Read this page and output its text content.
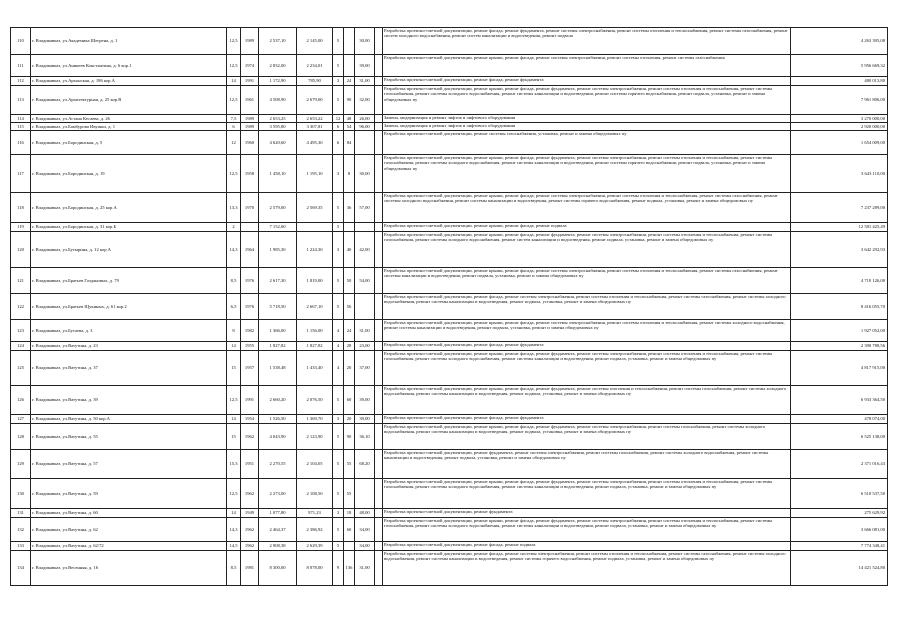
110	г. Владикавказ, ул.Академика Шегрена, д. 1	12,5	1989	2 537,10	2 145,00	5		30,00		Разработка проектно-сметной документации, ремонт фасада, ремонт фундамента, ремонт системы электроснабжения, ремонт системы отопления и теплоснабжения, ремонт системы газоснабжения, ремонт систем холодного водоснабжения, ремонт систем канализации и водоотведения, ремонт подвала	4 263 395,08
111	г. Владикавказ, ул.Аникеев Константина, д. 6 кор.1	12,5	1974	2 832,00	2 234,01	5		39,00		Разработка проектно-сметной документации, ремонт крыши, ремонт фасада, ремонт системы электроснабжения, ремонт системы отопления, ремонт системы газоснабжения	5 956 669,32
112	г. Владикавказ, ул.Архонская, д. 186 кор.А	14	1991	1 172,90	785,90	3	24	31,00		Разработка проектно-сметной документации, ремонт фасада, ремонт фундамента	480 013,80
113	г. Владикавказ, ул.Архитектурная, д. 25 кор.В	12,5	1961	4 508,90	2 679,00	5	90	32,00		Разработка проектно-сметной документации, ремонт крыши, ремонт фасада, ремонт фундамента, ремонт системы электроснабжения, ремонт системы отопления и теплоснабжения, ремонт системы газоснабжения, ремонт системы холодного водоснабжения, ремонт системы канализации и водоотведения, ремонт системы горячего водоснабжения, ремонт подвала, установка, ремонт и замена общедомовых пу	7 961 806,00
114	г. Владикавказ, ул.Астана Кесаева, д. 26	7,5	1989	2 653,25	2 653,22	12	48	26,00		Замена, модернизация и ремонт лифтов и лифтового оборудования	3 270 000,00
115	г. Владикавказ, ул.Бамбурова Ивушки, д. 1	6	1989	3 595,80	3 307,81	6	54	96,00		Замена, модернизация и ремонт лифтов и лифтового оборудования	2 920 000,00
116	г. Владикавказ, ул.Бородинская, д. 5	12	1960	4 620,60	4 495,30	6	84			Разработка проектно-сметной документации, ремонт системы газоснабжения, установка, ремонт и замена общедомовых пу	1 654 009,00
117	г. Владикавказ, ул.Бородинская, д. 19	12,5	1958	1 458,10	1 195,10	3	8	30,00		Разработка проектно-сметной документации, ремонт крыши, ремонт фасада, ремонт фундамента, ремонт системы электроснабжения, ремонт системы отопления и теплоснабжения, ремонт системы газоснабжения, ремонт системы холодного водоснабжения, ремонт системы канализации и водоотведения, ремонт системы горячего водоснабжения, ремонт подвала, установка, ремонт и замена общедомовых пу	3 643 110,00
118	г. Владикавказ, ул.Бородинская, д. 25 кор.А	13,3	1970	2 579,00	2 569,35	5	36	57,00		Разработка проектно-сметной документации, ремонт крыши, ремонт фасада, ремонт системы электроснабжения, ремонт системы отопления и теплоснабжения, ремонт системы газоснабжения, ремонт системы холодного водоснабжения, ремонт системы канализации и водоотведения, ремонт системы горячего водоснабжения, ремонт подвала, установка, ремонт и замена общедомовых пу	7 237 289,00
119	г. Владикавказ, ул.Бородинская, д. 31 кор.Б	2		7 152,60		5				Разработка проектно-сметной документации, ремонт крыши, ремонт фасада, ремонт подвала	12 581 425,49
120	г. Владикавказ, ул.Бутырина, д. 12 кор.А	14,3	1964	1 985,30	1 224,30	3	40	42,00		Разработка проектно-сметной документации, ремонт крыши, ремонт фасада, ремонт фундамента, ремонт системы электроснабжения, ремонт системы отопления и теплоснабжения, ремонт системы газоснабжения, ремонт системы холодного водоснабжения, ремонт систем канализации и водоотведения, ремонт подвала, установка, ремонт и замена общедомовых пу	3 642 292,93
121	г. Владикавказ, ул.Братьев Газдановых, д. 79	8,5	1976	2 617,30	1 819,00	5	50	54,00		Разработка проектно-сметной документации, ремонт крыши, ремонт фасада, ремонт системы электроснабжения, ремонт системы отопления и теплоснабжения, ремонт системы газоснабжения, ремонт системы канализации и водоотведения, ремонт подвала, установка, ремонт и замена общедомовых пу	4 710 126,00
122	г. Владикавказ, ул.Братьев Щукиных, д. 61 кор.2	6,5	1976	5 718,50	2 667,10	5	56			Разработка проектно-сметной документации, ремонт фасада, ремонт системы электроснабжения, ремонт системы отопления и теплоснабжения, ремонт системы газоснабжения, ремонт системы холодного водоснабжения, ремонт системы канализации и водоотведения, ремонт подвала, установка, ремонт и замена общедомовых пу	8 416 055,70
123	г. Владикавказ, ул.Бутаева, д. 3	8	1982	1 366,00	1 156,00	4	24	31,00		Разработка проектно-сметной документации, ремонт крыши, ремонт фасада, ремонт системы электроснабжения, ремонт системы отопления и теплоснабжения, ремонт системы холодного водоснабжения, ремонт системы канализации и водоотведения, ремонт подвала, установка, ремонт и замена общедомовых пу	1 927 052,00
124	г. Владикавказ, ул.Ватутина, д. 23	14	1955	1 827,82	1 827,82	4	28	23,00		Разработка проектно-сметной документации, ремонт фасада, ремонт фундамента	2 390 788,56
125	г. Владикавказ, ул.Ватутина, д. 37	15	1957	1 538,48	1 433,40	4	20	37,00		Разработка проектно-сметной документации, ремонт крыши, ремонт фасада, ремонт фундамента, ремонт системы электроснабжения, ремонт системы отопления и теплоснабжения, ремонт системы газоснабжения, ремонт системы холодного водоснабжения, ремонт системы канализации и водоотведения, ремонт подвала, установка, ремонт и замена общедомовых пу	4 817 915,00
126	г. Владикавказ, ул.Ватутина, д. 39	12,5	1991	2 660,20	2 076,50	5	60	39,00		Разработка проектно-сметной документации, ремонт крыши, ремонт фасада, ремонт фундамента, ремонт системы отопления и теплоснабжения, ремонт системы газоснабжения, ремонт системы холодного водоснабжения, ремонт системы канализации и водоотведения, ремонт подвала, установка, ремонт и замена общедомовых пу	6 933 364,50
127	г. Владикавказ, ул.Ватутина, д. 50 кор.А	14	1954	1 526,50	1 369,70	3	20	39,00		Разработка проектно-сметной документации, ремонт фасада, ремонт фундамента	478 074,00
128	г. Владикавказ, ул.Ватутина, д. 55	15	1962	4 043,90	2 123,90	5	90	36,10		Разработка проектно-сметной документации, ремонт крыши, ремонт фасада, ремонт фундамента, ремонт системы электроснабжения, ремонт системы газоснабжения, ремонт системы холодного водоснабжения, ремонт системы канализации и водоотведения, ремонт подвала, установка, ремонт и замена общедомовых пу	6 525 138,00
129	г. Владикавказ, ул.Ватутина, д. 57	15,3	1951	2 270,55	2 104,05	5	55	68,20		Разработка проектно-сметной документации, ремонт фундамента, ремонт системы электроснабжения, ремонт системы газоснабжения, ремонт системы холодного водоснабжения, ремонт системы канализации и водоотведения, ремонт подвала, установка, ремонт и замена общедомовых пу	2 371 016,43
130	г. Владикавказ, ул.Ватутина, д. 59	12,5	1962	2 273,00	2 108,50	5	55			Разработка проектно-сметной документации, ремонт крыши, ремонт фасада, ремонт фундамента, ремонт системы электроснабжения, ремонт системы отопления и теплоснабжения, ремонт системы газоснабжения, ремонт системы холодного водоснабжения, ремонт системы канализации и водоотведения, ремонт подвала, установка, ремонт и замена общедомовых пу	6 510 537,50
131	г. Владикавказ, ул.Ватутина, д. 60	14	1949	1 077,80	971,23	3	18	48,00		Разработка проектно-сметной документации, ремонт фундамента	275 629,92
132	г. Владикавказ, ул.Ватутина, д. 62	14,3	1962	2 464,37	2 386,92	5	60	34,00		Разработка проектно-сметной документации, ремонт крыши, ремонт фасада, ремонт фундамента, ремонт системы электроснабжения, ремонт системы отопления и теплоснабжения, ремонт системы газоснабжения, ремонт системы холодного водоснабжения, ремонт системы канализации и водоотведения, ремонт подвала, установка, ремонт и замена общедомовых пу	3 666 081,00
133	г. Владикавказ, ул.Ватутина, д. 62/72	14,5	1962	2 908,38	2 629,39	5		34,00		Разработка проектно-сметной документации, ремонт фасада, ремонт подвала	7 774 348,41
134	г. Владикавказ, ул.Весенняя, д. 16	8,5	1981	8 300,00	8 078,00	9	136	31,00		Разработка проектно-сметной документации, ремонт фасада, ремонт системы электроснабжения, ремонт системы отопления и теплоснабжения, ремонт системы газоснабжения, ремонт системы холодного водоснабжения, ремонт системы канализации и водоотведения, ремонт системы горячего водоснабжения, ремонт подвала, установка, ремонт и замена общедомовых пу	14 421 524,80
